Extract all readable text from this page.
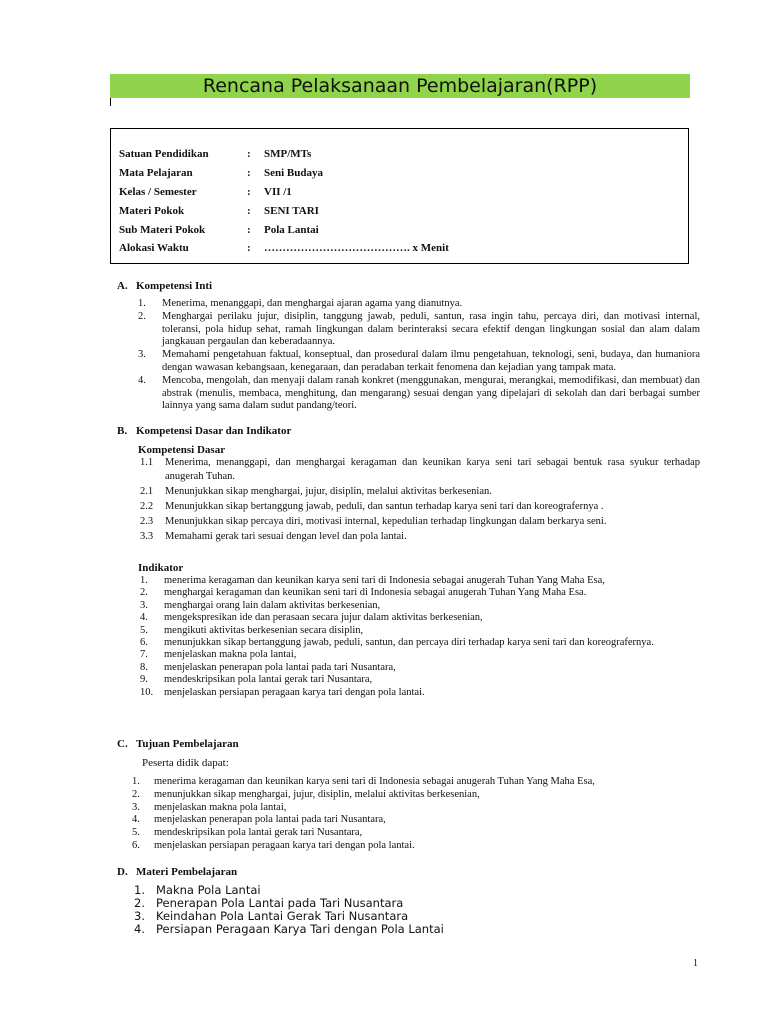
Rencana Pelaksanaan Pembelajaran(RPP)
Satuan Pendidikan	: SMP/MTs
Mata Pelajaran	: Seni Budaya
Kelas / Semester	: VII /1
Materi Pokok	: SENI TARI
Sub Materi Pokok	: Pola Lantai
Alokasi Waktu	: …………………………………. x Menit
A. Kompetensi Inti
1. Menerima, menanggapi, dan menghargai ajaran agama yang dianutnya.
2. Menghargai perilaku jujur, disiplin, tanggung jawab, peduli, santun, rasa ingin tahu, percaya diri, dan motivasi internal, toleransi, pola hidup sehat, ramah lingkungan dalam berinteraksi secara efektif dengan lingkungan sosial dan alam dalam jangkauan pergaulan dan keberadaannya.
3. Memahami pengetahuan faktual, konseptual, dan prosedural dalam ilmu pengetahuan, teknologi, seni, budaya, dan humaniora dengan wawasan kebangsaan, kenegaraan, dan peradaban terkait fenomena dan kejadian yang tampak mata.
4. Mencoba, mengolah, dan menyaji dalam ranah konkret (menggunakan, mengurai, merangkai, memodifikasi, dan membuat) dan abstrak (menulis, membaca, menghitung, dan mengarang) sesuai dengan yang dipelajari di sekolah dan dari berbagai sumber lainnya yang sama dalam sudut pandang/teori.
B. Kompetensi Dasar dan Indikator
Kompetensi Dasar
1.1 Menerima, menanggapi, dan menghargai keragaman dan keunikan karya seni tari sebagai bentuk rasa syukur terhadap anugerah Tuhan.
2.1 Menunjukkan sikap menghargai, jujur, disiplin, melalui aktivitas berkesenian.
2.2 Menunjukkan sikap bertanggung jawab, peduli, dan santun terhadap karya seni tari dan koreografernya .
2.3 Menunjukkan sikap percaya diri, motivasi internal, kepedulian terhadap lingkungan dalam berkarya seni.
3.3 Memahami gerak tari sesuai dengan level dan pola lantai.
Indikator
1. menerima keragaman dan keunikan karya seni tari di Indonesia sebagai anugerah Tuhan Yang Maha Esa,
2. menghargai keragaman dan keunikan seni tari di Indonesia sebagai anugerah Tuhan Yang Maha Esa.
3. menghargai orang lain dalam aktivitas berkesenian,
4. mengekspresikan ide dan perasaan secara jujur dalam aktivitas berkesenian,
5. mengikuti aktivitas berkesenian secara disiplin,
6. menunjukkan sikap bertanggung jawab, peduli, santun, dan percaya diri terhadap karya seni tari dan koreografernya.
7. menjelaskan makna pola lantai,
8. menjelaskan penerapan pola lantai pada tari Nusantara,
9. mendeskripsikan pola lantai gerak tari Nusantara,
10. menjelaskan persiapan peragaan karya tari dengan pola lantai.
C. Tujuan Pembelajaran
Peserta didik dapat:
1. menerima keragaman dan keunikan karya seni tari di Indonesia sebagai anugerah Tuhan Yang Maha Esa,
2. menunjukkan sikap menghargai, jujur, disiplin, melalui aktivitas berkesenian,
3. menjelaskan makna pola lantai,
4. menjelaskan penerapan pola lantai pada tari Nusantara,
5. mendeskripsikan pola lantai gerak tari Nusantara,
6. menjelaskan persiapan peragaan karya tari dengan pola lantai.
D. Materi Pembelajaran
1. Makna Pola Lantai
2. Penerapan Pola Lantai pada Tari Nusantara
3. Keindahan Pola Lantai Gerak Tari Nusantara
4. Persiapan Peragaan Karya Tari dengan Pola Lantai
1
